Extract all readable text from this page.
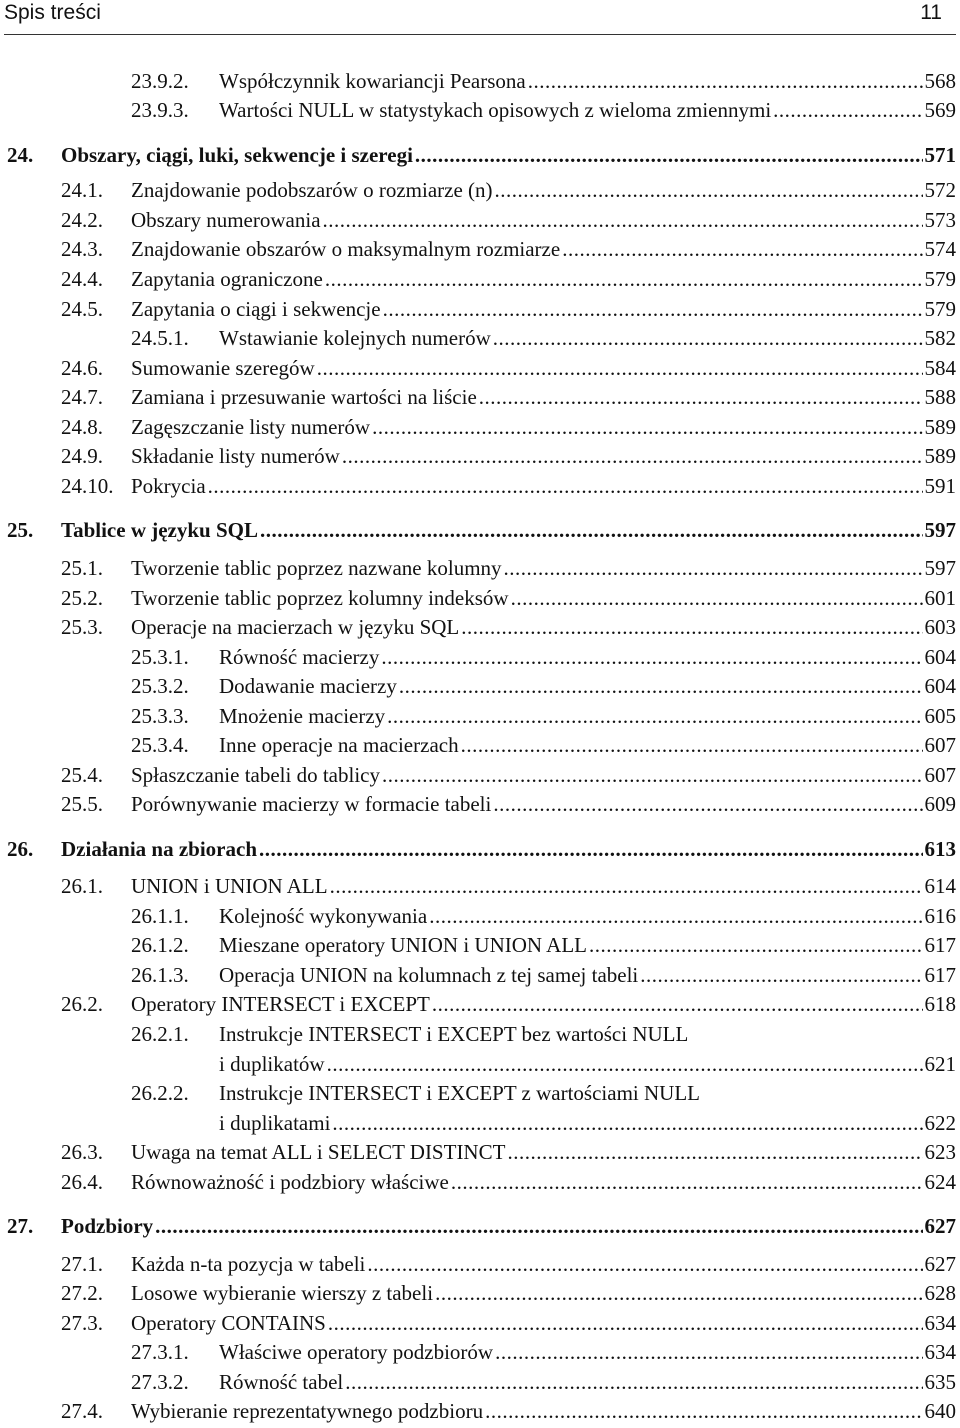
Spis treści	11
23.9.2. Współczynnik kowariancji Pearsona .....	568
23.9.3. Wartości NULL w statystykach opisowych z wieloma zmiennymi .....	569
24. Obszary, ciągi, luki, sekwencje i szeregi .....	571
24.1. Znajdowanie podobszarów o rozmiarze (n) .....	572
24.2. Obszary numerowania .....	573
24.3. Znajdowanie obszarów o maksymalnym rozmiarze .....	574
24.4. Zapytania ograniczone .....	579
24.5. Zapytania o ciągi i sekwencje .....	579
24.5.1. Wstawianie kolejnych numerów .....	582
24.6. Sumowanie szeregów .....	584
24.7. Zamiana i przesuwanie wartości na liście .....	588
24.8. Zagęszczanie listy numerów .....	589
24.9. Składanie listy numerów .....	589
24.10. Pokrycia .....	591
25. Tablice w języku SQL .....	597
25.1. Tworzenie tablic poprzez nazwane kolumny .....	597
25.2. Tworzenie tablic poprzez kolumny indeksów .....	601
25.3. Operacje na macierzach w języku SQL .....	603
25.3.1. Równość macierzy .....	604
25.3.2. Dodawanie macierzy .....	604
25.3.3. Mnożenie macierzy .....	605
25.3.4. Inne operacje na macierzach .....	607
25.4. Spłaszczanie tabeli do tablicy .....	607
25.5. Porównywanie macierzy w formacie tabeli .....	609
26. Działania na zbiorach .....	613
26.1. UNION i UNION ALL .....	614
26.1.1. Kolejność wykonywania .....	616
26.1.2. Mieszane operatory UNION i UNION ALL .....	617
26.1.3. Operacja UNION na kolumnach z tej samej tabeli .....	617
26.2. Operatory INTERSECT i EXCEPT .....	618
26.2.1. Instrukcje INTERSECT i EXCEPT bez wartości NULL
i duplikatów .....	621
26.2.2. Instrukcje INTERSECT i EXCEPT z wartościami NULL
i duplikatami .....	622
26.3. Uwaga na temat ALL i SELECT DISTINCT .....	623
26.4. Równoważność i podzbiory właściwe .....	624
27. Podzbiory .....	627
27.1. Każda n-ta pozycja w tabeli .....	627
27.2. Losowe wybieranie wierszy z tabeli .....	628
27.3. Operatory CONTAINS .....	634
27.3.1. Właściwe operatory podzbiorów .....	634
27.3.2. Równość tabel .....	635
27.4. Wybieranie reprezentatywnego podzbioru .....	640
